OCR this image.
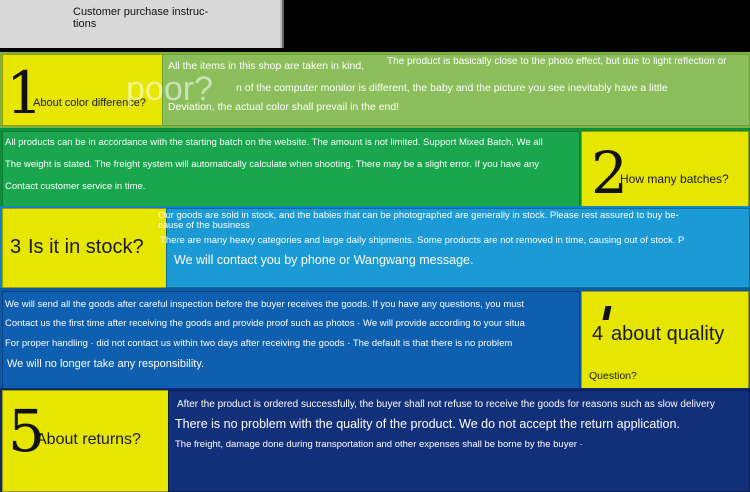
Customer purchase instruc-
tions
1
About color difference?
poor?
All the items in this shop are taken in kind, The product is basically close to the photo effect, but due to light reflection or
n of the computer monitor is different, the baby and the picture you see inevitably have a little
Deviation, the actual color shall prevail in the end!
All products can be in accordance with the starting batch on the website. The amount is not limited. Support Mixed Batch, We all
The weight is stated. The freight system will automatically calculate when shooting. There may be a slight error. If you have any
Contact customer service in time.	2
How many batches?
3 Is it in stock?
Our goods are sold in stock, and the babies that can be photographed are generally in stock. Please rest assured to buy be-
cause of the business
There are many heavy categories and large daily shipments. Some products are not removed in time, causing out of stock. P
We will contact you by phone or Wangwang message.
We will send all the goods after careful inspection before the buyer receives the goods. If you have any questions, you must
Contact us the first time after receiving the goods and provide proof such as photos · We will provide according to your situa
For proper handling · did not contact us within two days after receiving the goods · The default is that there is no problem
We will no longer take any responsibility.
4 about quality
Question?
5
About returns?
After the product is ordered successfully, the buyer shall not refuse to receive the goods for reasons such as slow delivery
There is no problem with the quality of the product. We do not accept the return application.
The freight, damage done during transportation and other expenses shall be borne by the buyer ·
